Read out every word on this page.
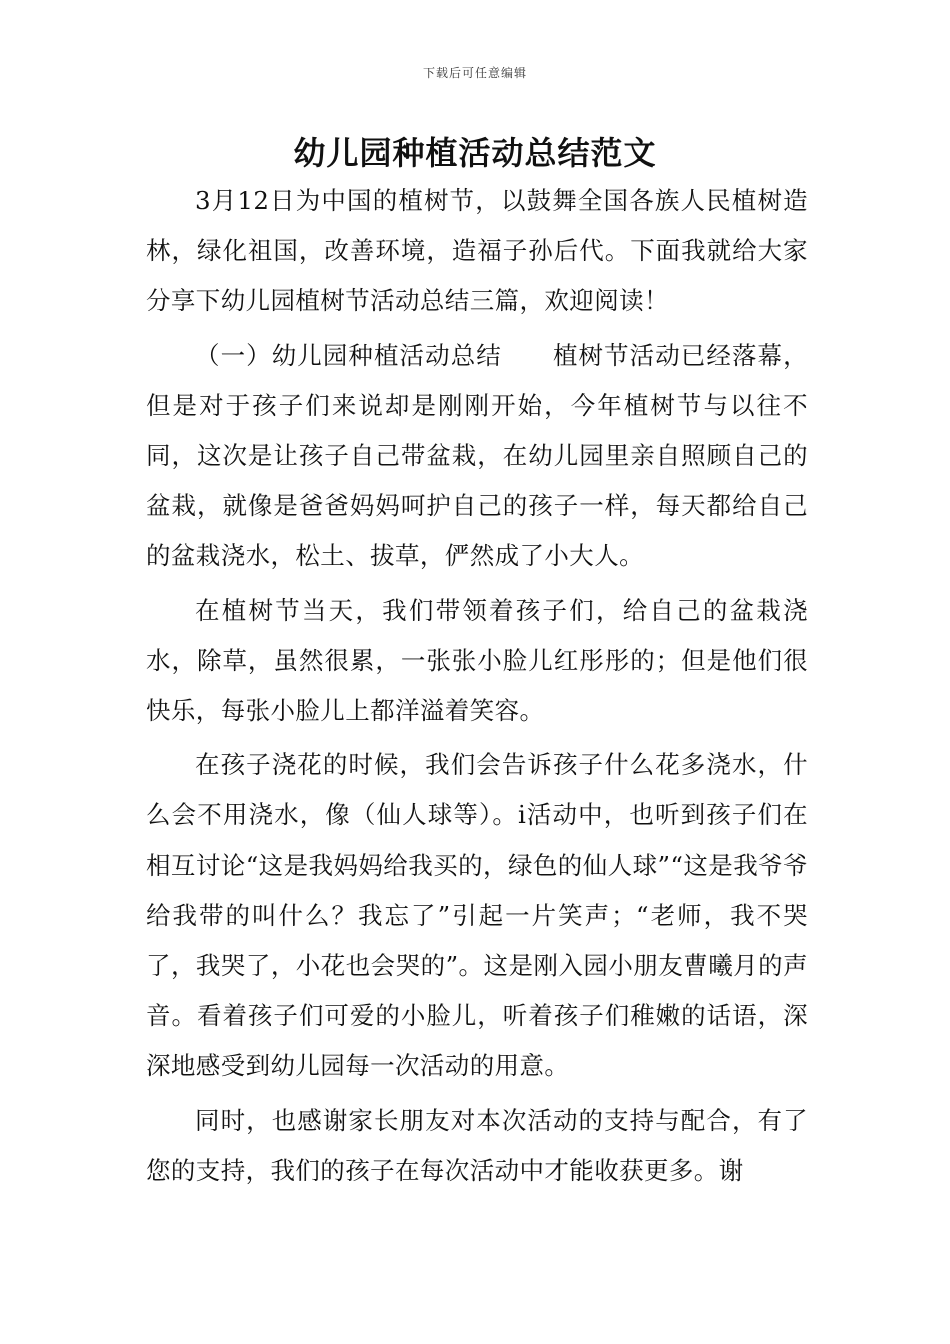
下载后可任意编辑
幼儿园种植活动总结范文

3月12日为中国的植树节，以鼓舞全国各族人民植树造林，绿化祖国，改善环境，造福子孙后代。下面我就给大家分享下幼儿园植树节活动总结三篇，欢迎阅读！

（一）幼儿园种植活动总结　　植树节活动已经落幕，但是对于孩子们来说却是刚刚开始，今年植树节与以往不同，这次是让孩子自己带盆栽，在幼儿园里亲自照顾自己的盆栽，就像是爸爸妈妈呵护自己的孩子一样，每天都给自己的盆栽浇水，松土、拔草，俨然成了小大人。

在植树节当天，我们带领着孩子们，给自己的盆栽浇水，除草，虽然很累，一张张小脸儿红彤彤的；但是他们很快乐，每张小脸儿上都洋溢着笑容。

在孩子浇花的时候，我们会告诉孩子什么花多浇水，什么会不用浇水，像（仙人球等）。i活动中，也听到孩子们在相互讨论“这是我妈妈给我买的，绿色的仙人球”“这是我爷爷给我带的叫什么？我忘了”引起一片笑声；“老师，我不哭了，我哭了，小花也会哭的”。这是刚入园小朋友曹曦月的声音。看着孩子们可爱的小脸儿，听着孩子们稚嫩的话语，深深地感受到幼儿园每一次活动的用意。

同时，也感谢家长朋友对本次活动的支持与配合，有了您的支持，我们的孩子在每次活动中才能收获更多。谢
